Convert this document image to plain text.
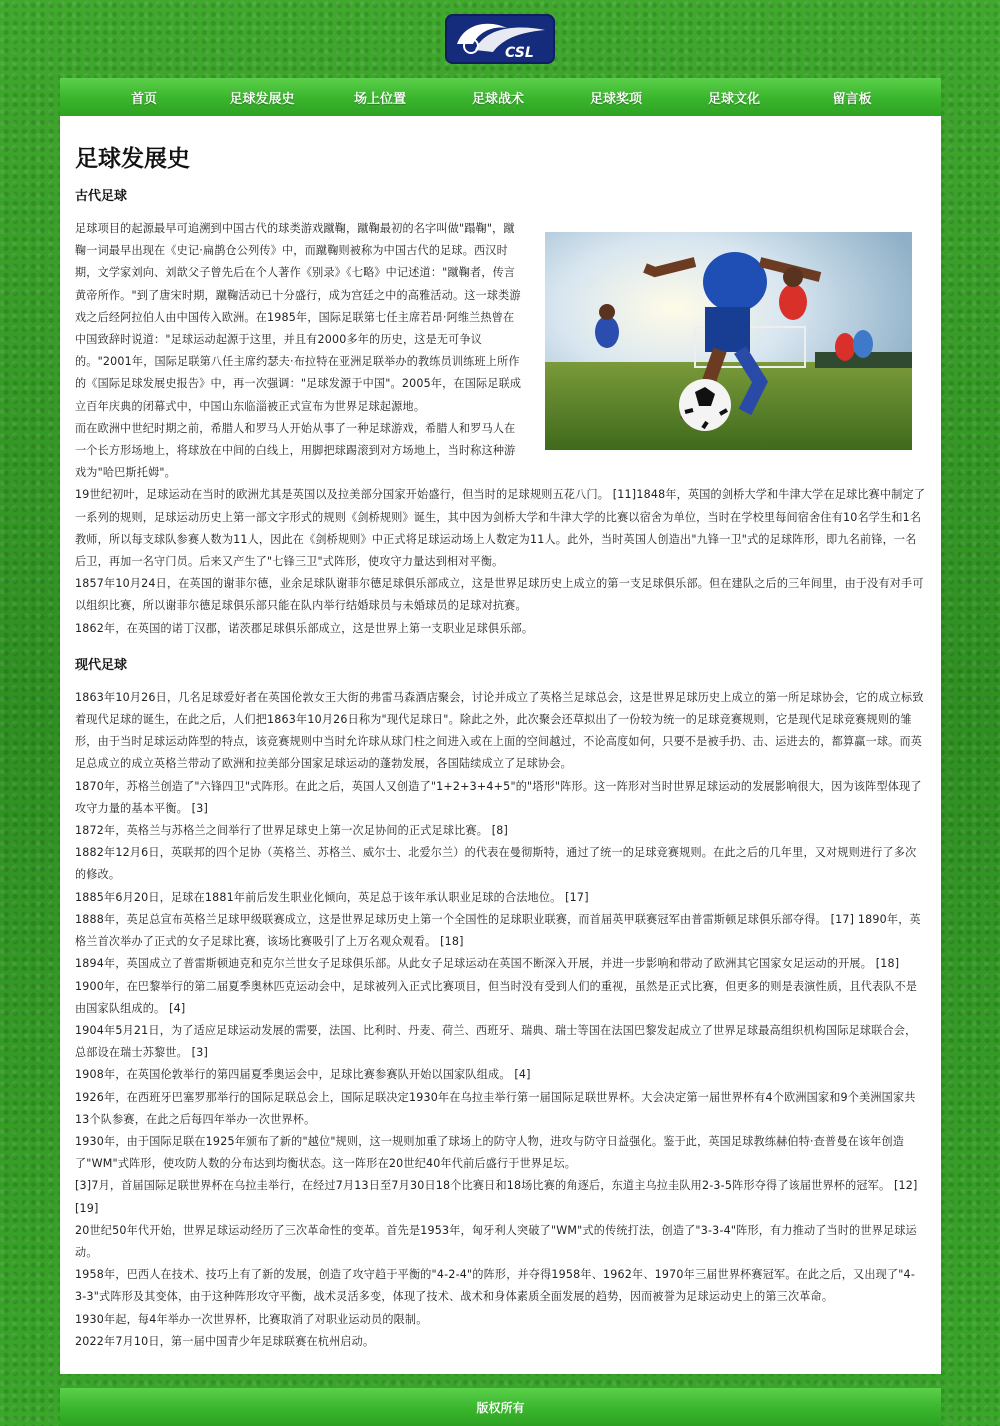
CSL
首页	足球发展史	场上位置	足球战术	足球奖项	足球文化	留言板
足球发展史
古代足球

足球项目的起源最早可追溯到中国古代的球类游戏蹴鞠，蹴鞠最初的名字叫做"蹋鞠"，蹴鞠一词最早出现在《史记·扁鹊仓公列传》中，而蹴鞠则被称为中国古代的足球。西汉时期，文学家刘向、刘歆父子曾先后在个人著作《别录》《七略》中记述道："蹴鞠者，传言黄帝所作。"到了唐宋时期，蹴鞠活动已十分盛行，成为宫廷之中的高雅活动。这一球类游戏之后经阿拉伯人由中国传入欧洲。在1985年，国际足联第七任主席若昂·阿维兰热曾在中国致辞时说道："足球运动起源于这里，并且有2000多年的历史，这是无可争议的。"2001年，国际足联第八任主席约瑟夫·布拉特在亚洲足联举办的教练员训练班上所作的《国际足球发展史报告》中，再一次强调："足球发源于中国"。2005年，在国际足联成立百年庆典的闭幕式中，中国山东临淄被正式宣布为世界足球起源地。

而在欧洲中世纪时期之前，希腊人和罗马人开始从事了一种足球游戏，希腊人和罗马人在一个长方形场地上，将球放在中间的白线上，用脚把球踢滚到对方场地上，当时称这种游戏为"哈巴斯托姆"。

19世纪初叶，足球运动在当时的欧洲尤其是英国以及拉美部分国家开始盛行，但当时的足球规则五花八门。 [11]1848年，英国的剑桥大学和牛津大学在足球比赛中制定了一系列的规则，足球运动历史上第一部文字形式的规则《剑桥规则》诞生，其中因为剑桥大学和牛津大学的比赛以宿舍为单位，当时在学校里每间宿舍住有10名学生和1名教师，所以每支球队参赛人数为11人，因此在《剑桥规则》中正式将足球运动场上人数定为11人。此外，当时英国人创造出"九锋一卫"式的足球阵形，即九名前锋，一名后卫，再加一名守门员。后来又产生了"七锋三卫"式阵形，使攻守力量达到相对平衡。

1857年10月24日，在英国的谢菲尔德，业余足球队谢菲尔德足球俱乐部成立，这是世界足球历史上成立的第一支足球俱乐部。但在建队之后的三年间里，由于没有对手可以组织比赛，所以谢菲尔德足球俱乐部只能在队内举行结婚球员与未婚球员的足球对抗赛。

1862年，在英国的诺丁汉郡，诺茨郡足球俱乐部成立，这是世界上第一支职业足球俱乐部。

现代足球

1863年10月26日，几名足球爱好者在英国伦敦女王大街的弗雷马森酒店聚会，讨论并成立了英格兰足球总会，这是世界足球历史上成立的第一所足球协会，它的成立标致着现代足球的诞生，在此之后，人们把1863年10月26日称为"现代足球日"。除此之外，此次聚会还草拟出了一份较为统一的足球竞赛规则，它是现代足球竞赛规则的雏形，由于当时足球运动阵型的特点，该竞赛规则中当时允许球从球门柱之间进入或在上面的空间越过，不论高度如何，只要不是被手扔、击、运进去的，都算赢一球。而英足总成立的成立英格兰带动了欧洲和拉美部分国家足球运动的蓬勃发展，各国陆续成立了足球协会。

1870年，苏格兰创造了"六锋四卫"式阵形。在此之后，英国人又创造了"1+2+3+4+5"的"塔形"阵形。这一阵形对当时世界足球运动的发展影响很大，因为该阵型体现了攻守力量的基本平衡。 [3]

1872年，英格兰与苏格兰之间举行了世界足球史上第一次足协间的正式足球比赛。 [8]

1882年12月6日，英联邦的四个足协（英格兰、苏格兰、威尔士、北爱尔兰）的代表在曼彻斯特，通过了统一的足球竞赛规则。在此之后的几年里，又对规则进行了多次的修改。

1885年6月20日，足球在1881年前后发生职业化倾向，英足总于该年承认职业足球的合法地位。 [17]

1888年，英足总宣布英格兰足球甲级联赛成立，这是世界足球历史上第一个全国性的足球职业联赛，而首届英甲联赛冠军由普雷斯顿足球俱乐部夺得。 [17] 1890年，英格兰首次举办了正式的女子足球比赛，该场比赛吸引了上万名观众观看。 [18]

1894年，英国成立了普雷斯顿迪克和克尔兰世女子足球俱乐部。从此女子足球运动在英国不断深入开展，并进一步影响和带动了欧洲其它国家女足运动的开展。 [18]

1900年，在巴黎举行的第二届夏季奥林匹克运动会中，足球被列入正式比赛项目，但当时没有受到人们的重视，虽然是正式比赛，但更多的则是表演性质，且代表队不是由国家队组成的。 [4]

1904年5月21日，为了适应足球运动发展的需要，法国、比利时、丹麦、荷兰、西班牙、瑞典、瑞士等国在法国巴黎发起成立了世界足球最高组织机构国际足球联合会，总部设在瑞士苏黎世。 [3]

1908年，在英国伦敦举行的第四届夏季奥运会中，足球比赛参赛队开始以国家队组成。 [4]

1926年，在西班牙巴塞罗那举行的国际足联总会上，国际足联决定1930年在乌拉圭举行第一届国际足联世界杯。大会决定第一届世界杯有4个欧洲国家和9个美洲国家共13个队参赛，在此之后每四年举办一次世界杯。

1930年，由于国际足联在1925年颁布了新的"越位"规则，这一规则加重了球场上的防守人物，进攻与防守日益强化。鉴于此，英国足球教练赫伯特·查普曼在该年创造了"WM"式阵形，使攻防人数的分布达到均衡状态。这一阵形在20世纪40年代前后盛行于世界足坛。

[3]7月，首届国际足联世界杯在乌拉圭举行，在经过7月13日至7月30日18个比赛日和18场比赛的角逐后，东道主乌拉圭队用2-3-5阵形夺得了该届世界杯的冠军。 [12] [19]

20世纪50年代开始，世界足球运动经历了三次革命性的变革。首先是1953年，匈牙利人突破了"WM"式的传统打法，创造了"3-3-4"阵形，有力推动了当时的世界足球运动。

1958年，巴西人在技术、技巧上有了新的发展，创造了攻守趋于平衡的"4-2-4"的阵形，并夺得1958年、1962年、1970年三届世界杯赛冠军。在此之后，又出现了"4-3-3"式阵形及其变体，由于这种阵形攻守平衡，战术灵活多变，体现了技术、战术和身体素质全面发展的趋势，因而被誉为足球运动史上的第三次革命。

1930年起，每4年举办一次世界杯，比赛取消了对职业运动员的限制。

2022年7月10日，第一届中国青少年足球联赛在杭州启动。

版权所有
